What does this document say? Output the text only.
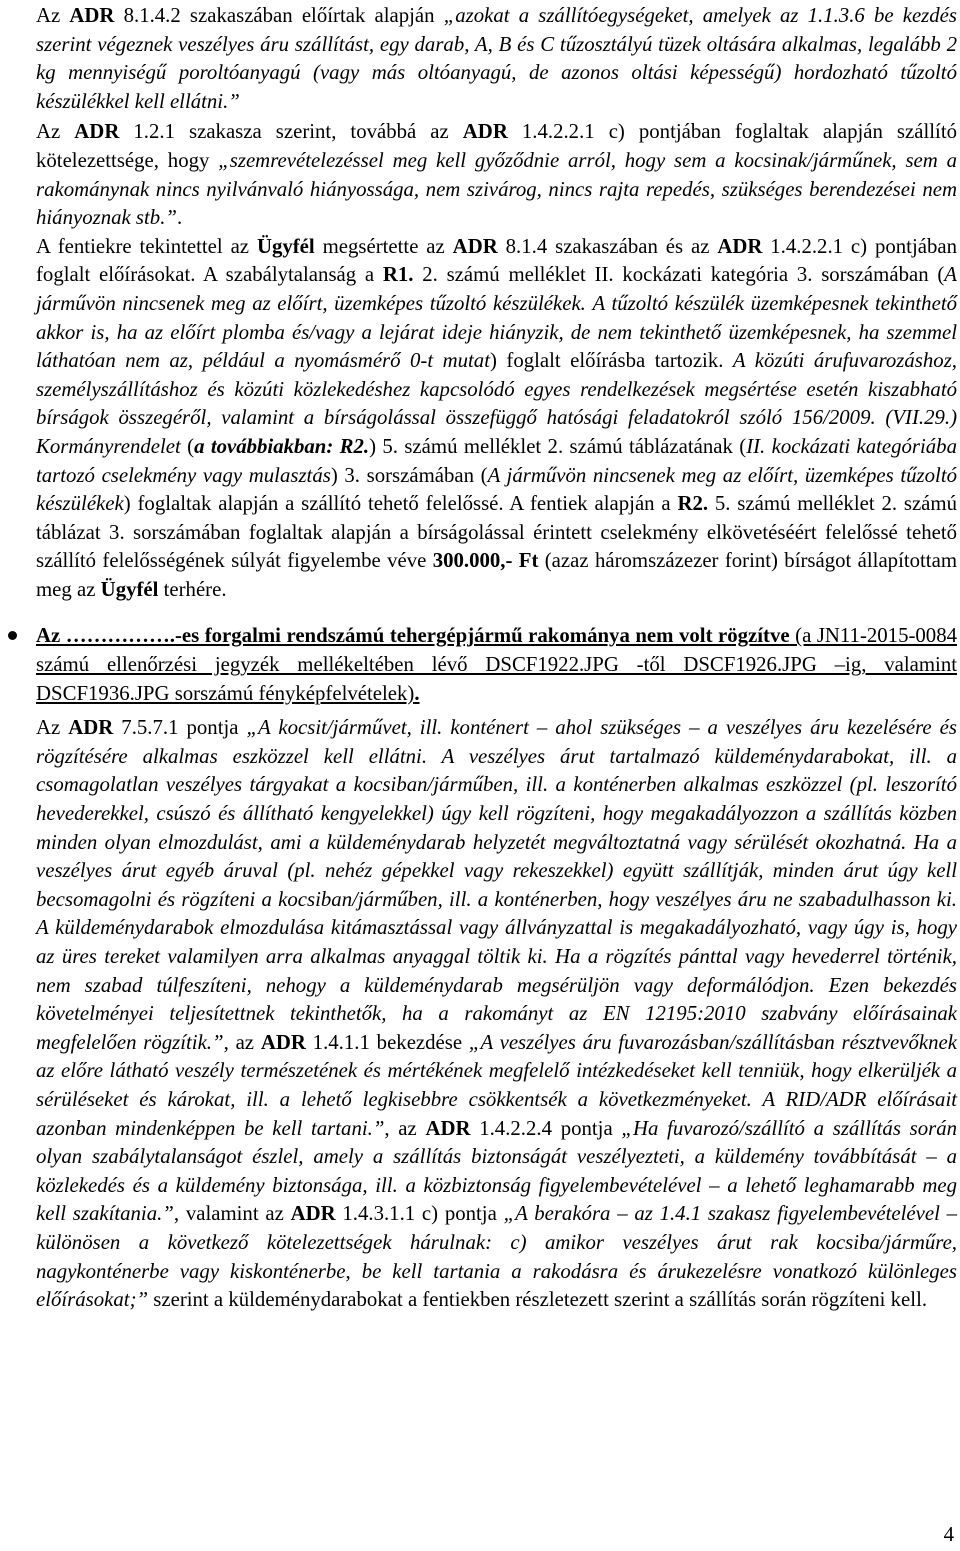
Az ADR 8.1.4.2 szakaszában előírtak alapján „azokat a szállítóegységeket, amelyek az 1.1.3.6 be kezdés szerint végeznek veszélyes áru szállítást, egy darab, A, B és C tűzosztályú tüzek oltására alkalmas, legalább 2 kg mennyiségű poroltóanyagú (vagy más oltóanyagú, de azonos oltási képességű) hordozható tűzoltó készülékkel kell ellátni.”

Az ADR 1.2.1 szakasza szerint, továbbá az ADR 1.4.2.2.1 c) pontjában foglaltak alapján szállító kötelezettsége, hogy „szemrevételezéssel meg kell győződnie arról, hogy sem a kocsinak/járműnek, sem a rakománynak nincs nyilvánvaló hiányossága, nem szivárog, nincs rajta repedés, szükséges berendezései nem hiányoznak stb.”.

A fentiekre tekintettel az Ügyfél megsértette az ADR 8.1.4 szakaszában és az ADR 1.4.2.2.1 c) pontjában foglalt előírásokat. A szabálytalanság a R1. 2. számú melléklet II. kockázati kategória 3. sorszámában (A járművön nincsenek meg az előírt, üzemképes tűzoltó készülékek. A tűzoltó készülék üzemképesnek tekinthető akkor is, ha az előírt plomba és/vagy a lejárat ideje hiányzik, de nem tekinthető üzemképesnek, ha szemmel láthatóan nem az, például a nyomásmérő 0-t mutat) foglalt előírásba tartozik. A közúti árufuvarozáshoz, személyszállításhoz és közúti közlekedéshez kapcsolódó egyes rendelkezések megsértése esetén kiszabható bírságok összegéről, valamint a bírságolással összefüggő hatósági feladatokról szóló 156/2009. (VII.29.) Kormányrendelet (a továbbiakban: R2.) 5. számú melléklet 2. számú táblázatának (II. kockázati kategóriába tartozó cselekmény vagy mulasztás) 3. sorszámában (A járművön nincsenek meg az előírt, üzemképes tűzoltó készülékek) foglaltak alapján a szállító tehető felelőssé. A fentiek alapján a R2. 5. számú melléklet 2. számú táblázat 3. sorszámában foglaltak alapján a bírságolással érintett cselekmény elkövetéséért felelőssé tehető szállító felelősségének súlyát figyelembe véve 300.000,- Ft (azaz háromszázezer forint) bírságot állapítottam meg az Ügyfél terhére.

Az …………….-es forgalmi rendszámú tehergépjármű rakománya nem volt rögzítve (a JN11-2015-0084 számú ellenőrzési jegyzék mellékeltében lévő DSCF1922.JPG -től DSCF1926.JPG –ig, valamint DSCF1936.JPG sorszámú fényképfelvételek).

Az ADR 7.5.7.1 pontja „A kocsit/járművet, ill. konténert – ahol szükséges – a veszélyes áru kezelésére és rögzítésére alkalmas eszközzel kell ellátni. A veszélyes árut tartalmazó küldeménydarabokat, ill. a csomagolatlan veszélyes tárgyakat a kocsiban/járműben, ill. a konténerben alkalmas eszközzel (pl. leszorító hevederekkel, csúszó és állítható kengyelekkel) úgy kell rögzíteni, hogy megakadályozzon a szállítás közben minden olyan elmozdulást, ami a küldeménydarab helyzetét megváltoztatná vagy sérülését okozhatná. Ha a veszélyes árut egyéb áruval (pl. nehéz gépekkel vagy rekeszekkel) együtt szállítják, minden árut úgy kell becsomagolni és rögzíteni a kocsiban/járműben, ill. a konténerben, hogy veszélyes áru ne szabadulhasson ki. A küldeménydarabok elmozdulása kitámasztással vagy állványzattal is megakadályozható, vagy úgy is, hogy az üres tereket valamilyen arra alkalmas anyaggal töltik ki. Ha a rögzítés pánttal vagy hevederrel történik, nem szabad túlfeszíteni, nehogy a küldeménydarab megsérüljön vagy deformálódjon. Ezen bekezdés követelményei teljesítettnek tekinthetők, ha a rakományt az EN 12195:2010 szabvány előírásainak megfelelően rögzítik.”, az ADR 1.4.1.1 bekezdése „A veszélyes áru fuvarozásban/szállításban résztvevőknek az előre látható veszély természetének és mértékének megfelelő intézkedéseket kell tenniük, hogy elkerüljék a sérüléseket és károkat, ill. a lehető legkisebbre csökkentsék a következményeket. A RID/ADR előírásait azonban mindenképpen be kell tartani.”, az ADR 1.4.2.2.4 pontja „Ha fuvarozó/szállító a szállítás során olyan szabálytalanságot észlel, amely a szállítás biztonságát veszélyezteti, a küldemény továbbítását – a közlekedés és a küldemény biztonsága, ill. a közbiztonság figyelembevételével – a lehető leghamarabb meg kell szakítania.”, valamint az ADR 1.4.3.1.1 c) pontja „A berakóra – az 1.4.1 szakasz figyelembevételével – különösen a következő kötelezettségek hárulnak: c) amikor veszélyes árut rak kocsiba/járműre, nagykonténerbe vagy kiskonténerbe, be kell tartania a rakodásra és árukezelésre vonatkozó különleges előírásokat;” szerint a küldeménydarabokat a fentiekben részletezett szerint a szállítás során rögzíteni kell.

4
